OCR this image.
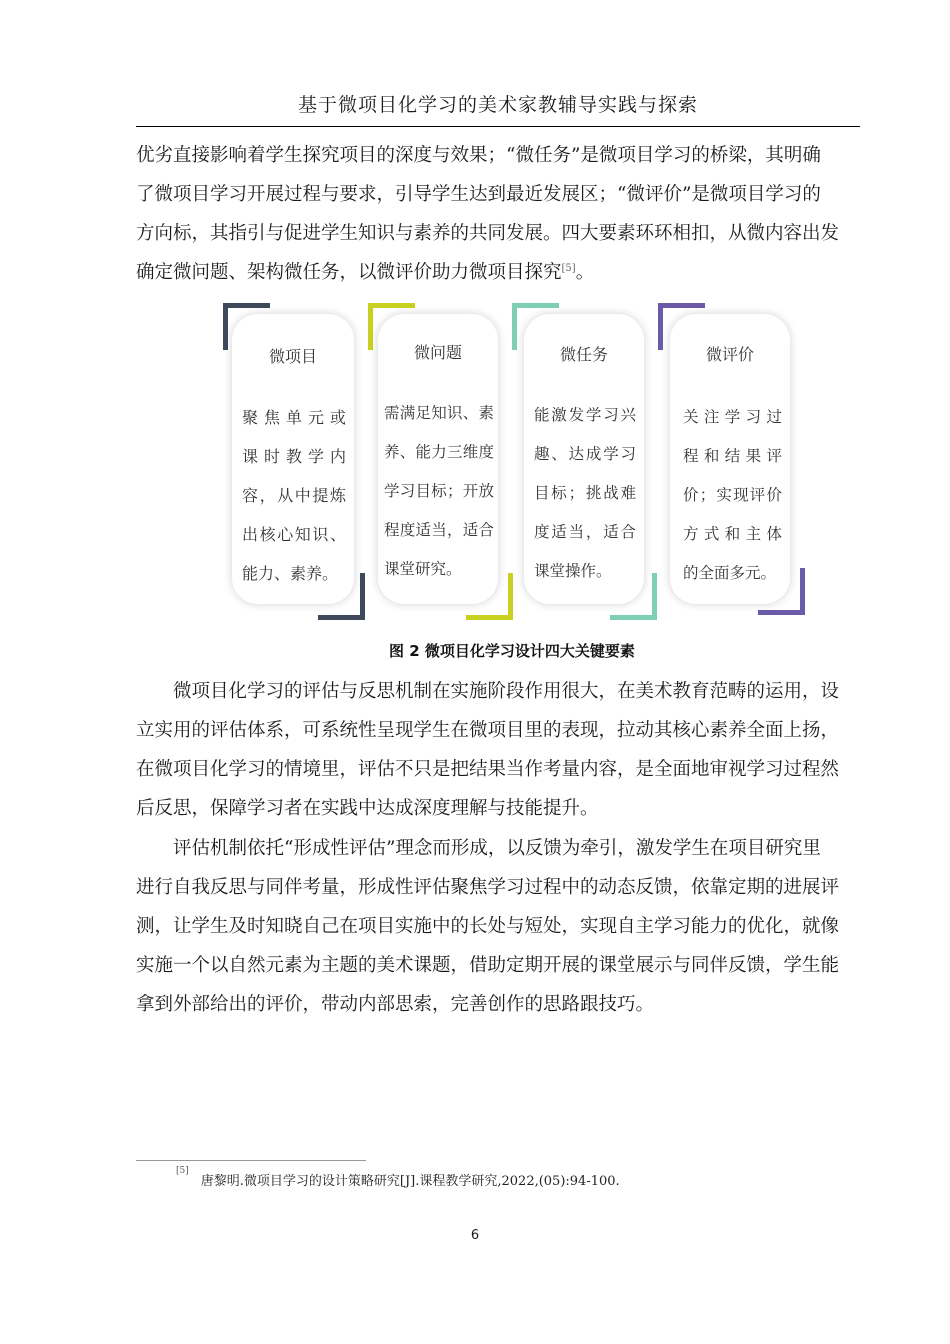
基于微项目化学习的美术家教辅导实践与探索
优劣直接影响着学生探究项目的深度与效果；“微任务”是微项目学习的桥梁，其明确
了微项目学习开展过程与要求，引导学生达到最近发展区；“微评价”是微项目学习的
方向标，其指引与促进学生知识与素养的共同发展。四大要素环环相扣，从微内容出发
确定微问题、架构微任务，以微评价助力微项目探究[5]。
微项目
聚焦单元或
课时教学内
容，从中提炼
出核心知识、
能力、素养。
微问题
需满足知识、素
养、能力三维度
学习目标；开放
程度适当，适合
课堂研究。
微任务
能激发学习兴
趣、达成学习
目标；挑战难
度适当，适合
课堂操作。
微评价
关注学习过
程和结果评
价；实现评价
方式和主体
的全面多元。
图 2 微项目化学习设计四大关键要素
微项目化学习的评估与反思机制在实施阶段作用很大，在美术教育范畴的运用，设
立实用的评估体系，可系统性呈现学生在微项目里的表现，拉动其核心素养全面上扬，
在微项目化学习的情境里，评估不只是把结果当作考量内容，是全面地审视学习过程然
后反思，保障学习者在实践中达成深度理解与技能提升。
评估机制依托“形成性评估”理念而形成，以反馈为牵引，激发学生在项目研究里
进行自我反思与同伴考量，形成性评估聚焦学习过程中的动态反馈，依靠定期的进展评
测，让学生及时知晓自己在项目实施中的长处与短处，实现自主学习能力的优化，就像
实施一个以自然元素为主题的美术课题，借助定期开展的课堂展示与同伴反馈，学生能
拿到外部给出的评价，带动内部思索，完善创作的思路跟技巧。
[5]唐黎明.微项目学习的设计策略研究[J].课程教学研究,2022,(05):94-100.
6
